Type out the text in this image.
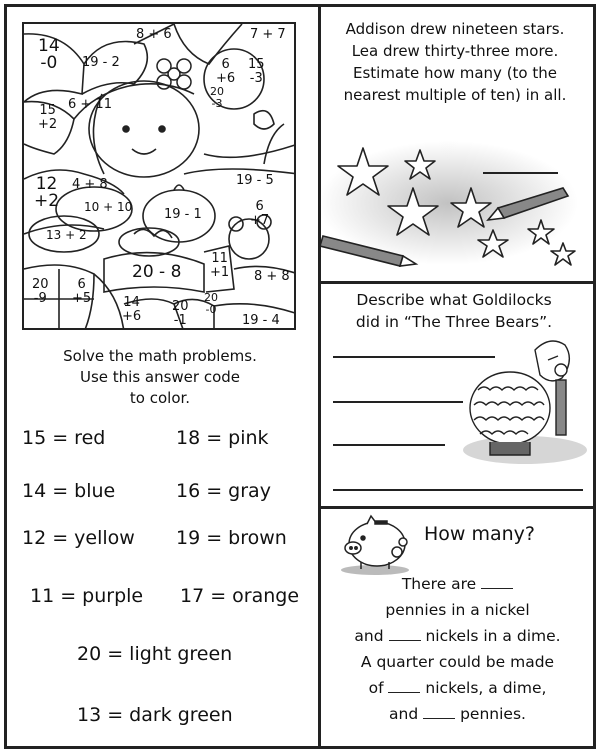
14
-0 19 - 2
8 + 6	7 + 7
6
+6
15
-3
20
-3
15
+2
6 + 11
12
+2
4 + 8	19 - 5
10 + 10 19 - 1
6
+7
13 + 2
20 - 8
11
+1 8 + 8
20
-9
6
+5 14
+6
20
-1
20
-0
19 - 4
Solve the math problems.
Use this answer code
to color.
15 = red	18 = pink
14 = blue	16 = gray
12 = yellow 19 = brown
11 = purple 17 = orange
20 = light green
13 = dark green
Addison drew nineteen stars.
Lea drew thirty-three more.
Estimate how many (to the
nearest multiple of ten) in all.
Describe what Goldilocks
did in “The Three Bears”.
How many?
There are
pennies in a nickel
and	nickels in a dime.
A quarter could be made
of	nickels, a dime,
and	pennies.
